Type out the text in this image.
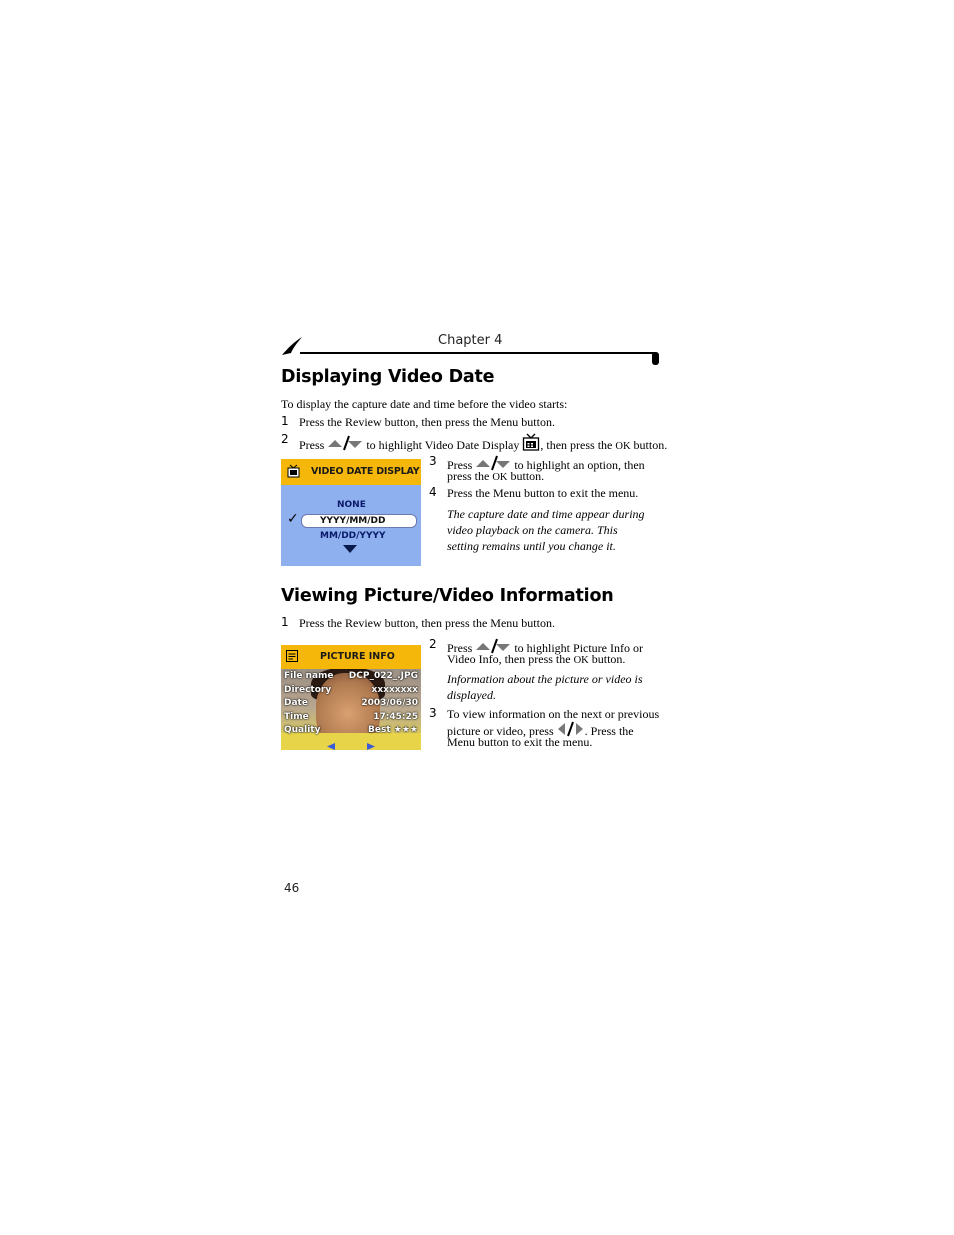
Chapter 4
Displaying Video Date
To display the capture date and time before the video starts:
1 Press the Review button, then press the Menu button.
2 Press	to highlight Video Date Display , then press the OK button.
VIDEO DATE DISPLAY
NONE
✓ YYYY/MM/DD
MM/DD/YYYY
3 Press	to highlight an option, then
press the OK button.
4 Press the Menu button to exit the menu.
The capture date and time appear during
video playback on the camera. This
setting remains until you change it.
Viewing Picture/Video Information
1 Press the Review button, then press the Menu button.
PICTURE INFO
File name DCP_022_.JPG
Directory	xxxxxxxx
Date	2003/06/30
Time	17:45:25
Quality	Best ★★★
2 Press	to highlight Picture Info or
Video Info, then press the OK button.
Information about the picture or video is
displayed.
3 To view information on the next or previous
picture or video, press	. Press the
Menu button to exit the menu.
46
